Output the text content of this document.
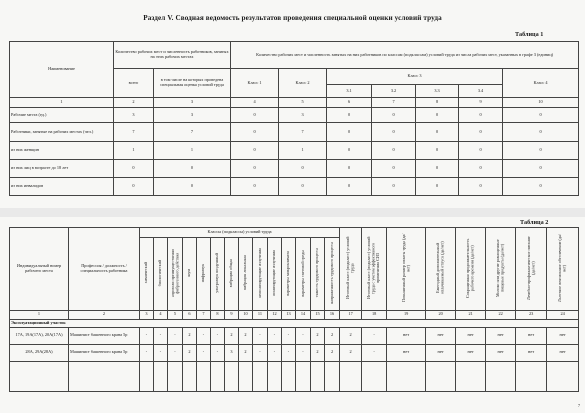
Раздел V. Сводная ведомость результатов проведения специальной оценки условий труда
Таблица 1
Наименование	Количество рабочих мест и численность работников, занятых на этих рабочих местах		Количество рабочих мест и численность занятых на них работников по классам (подклассам) условий труда из числа рабочих мест, указанных в графе 3 (единиц)						
	всего	в том числе на которых проведена специальная оценка условий труда	Класс 1	Класс 2	Класс 3				Класс 4
					3.1	3.2	3.3	3.4	
1	2	3	4	5	6	7	8	9	10
Рабочие места (ед.)	3	3	0	3	0	0	0	0	0
Работники, занятые на рабочих местах (чел.)	7	7	0	7	0	0	0	0	0
из них женщин	1	1	0	1	0	0	0	0	0
из них лиц в возрасте до 18 лет	0	0	0	0	0	0	0	0	0
из них инвалидов	0	0	0	0	0	0	0	0	0
Таблица 2
Индивидуальный номер рабочего места	Профессия / должность / специальность работника	Классы (подклассы) условий труда														Итоговый класс (подкласс) условий труда	Итоговый класс (подкласс) условий труда с учетом эффективного применения СИЗ	Повышенный размер оплаты труда (да/нет)	Ежегодный дополнительный оплачиваемый отпуск (да/нет)	Сокращенная продолжительность рабочего времени (да/нет)	Молоко или другие равноценные пищевые продукты (да/нет)	Лечебно-профилактическое питание (да/нет)	Льготное пенсионное обеспечение (да/нет)
		химический	биологический	аэрозоли преимущественно фиброгенного действия	шум	инфразвук	ультразвук воздушный	вибрация общая	вибрация локальная	неионизирующие излучения	ионизирующие излучения	параметры микроклимата	параметры световой среды	тяжесть трудового процесса	напряженность трудового процесса								
1	2	3	4	5	6	7	8	9	10	11	12	13	14	15	16	17	18	19	20	21	22	23	24
Эксплуатационный участок																							
17А, 19А(17А), 20А(17А)	Машинист башенного крана 5р	-	-	-	2	-	-	2	2	-	-	-	-	2	2	2	-	нет	нет	нет	нет	нет	нет
28А, 29А(28А)	Машинист башенного крана 5р	-	-	-	2	-	-	3	2	-	-	-	-	2	2	2	-	нет	нет	нет	нет	нет	нет

7
